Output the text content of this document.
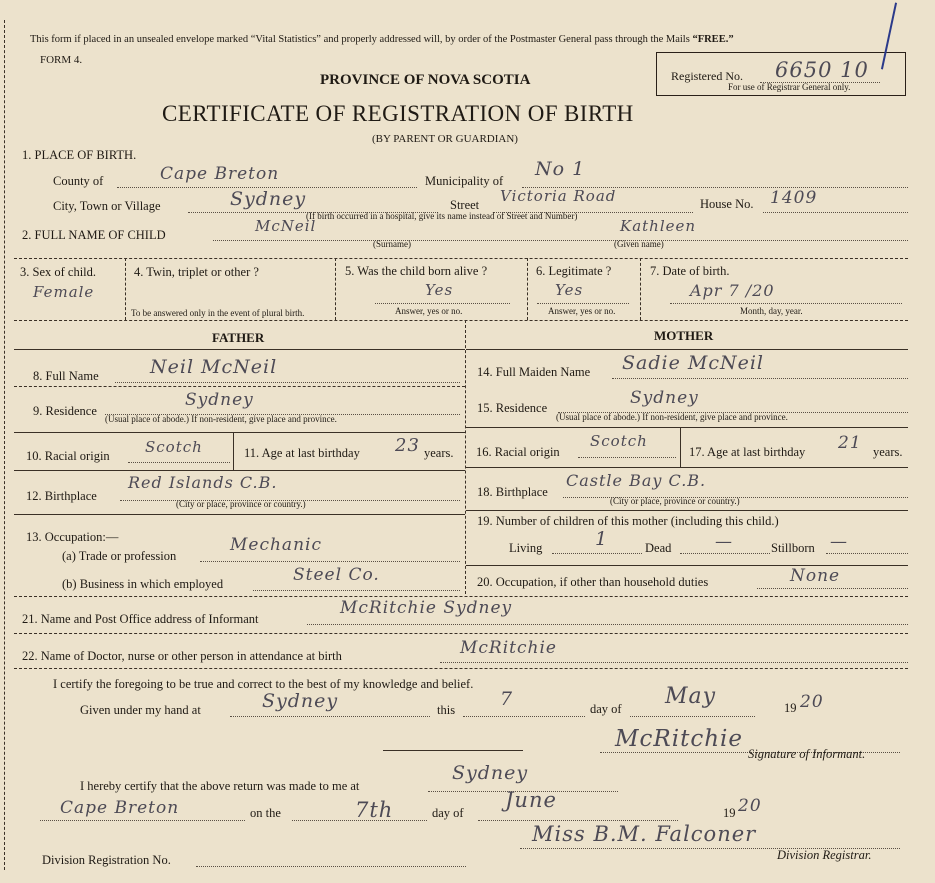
This form if placed in an unsealed envelope marked “Vital Statistics” and properly addressed will, by order of the Postmaster General pass through the Mails “FREE.”
FORM 4.
PROVINCE OF NOVA SCOTIA
CERTIFICATE OF REGISTRATION OF BIRTH
(BY PARENT OR GUARDIAN)
Registered No. 6650 10
For use of Registrar General only.
1. PLACE OF BIRTH.
County of	Cape Breton	Municipality of
No 1
City, Town or Village	Sydney	Street Victoria Road	House No. 1409
(If birth occurred in a hospital, give its name instead of Street and Number)
2. FULL NAME OF CHILD	McNeil	Kathleen
(Surname)	(Given name)
3. Sex of child.
Female
4. Twin, triplet or other ?
To be answered only in the event of plural birth.
5. Was the child born alive ?
Yes
Answer, yes or no.
6. Legitimate ?
Yes
Answer, yes or no.
7. Date of birth.
Apr 7 /20
Month, day, year.
FATHER	MOTHER
8. Full Name	Neil McNeil
9. Residence
Sydney
(Usual place of abode.) If non-resident, give place and province.
10. Racial origin Scotch	11. Age at last birthday 23 years.
12. Birthplace
Red Islands C.B.
(City or place, province or country.)
13. Occupation:—
(a) Trade or profession
Mechanic
(b) Business in which employed	Steel Co.
14. Full Maiden Name Sadie McNeil
15. Residence	Sydney
(Usual place of abode.) If non-resident, give place and province.
16. Racial origin
Scotch
17. Age at last birthday 21 years.
18. Birthplace
Castle Bay C.B.
(City or place, province or country.)
19. Number of children of this mother (including this child.)
Living	1	Dead	—	Stillborn —
20. Occupation, if other than household duties	None
21. Name and Post Office address of Informant
McRitchie Sydney
22. Name of Doctor, nurse or other person in attendance at birth	McRitchie
I certify the foregoing to be true and correct to the best of my knowledge and belief.
Given under my hand at	Sydney	this 7	day of May	19 20
McRitchie
Signature of Informant.
I hereby certify that the above return was made to me at
Sydney
Cape Breton	on the	7th	day of
June
19 20
Miss B.M. Falconer
Division Registrar.
Division Registration No.
